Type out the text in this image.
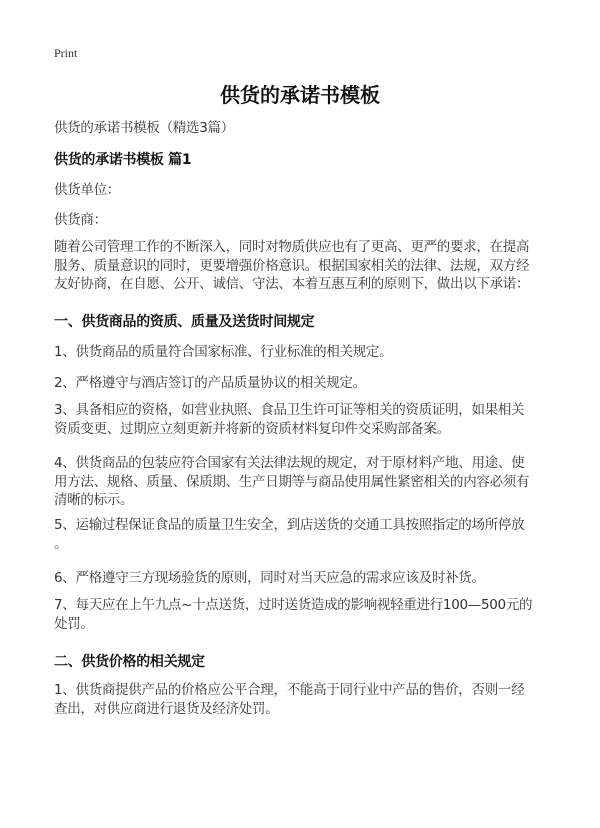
Print
供货的承诺书模板
供货的承诺书模板（精选3篇）
供货的承诺书模板 篇1
供货单位：
供货商：
随着公司管理工作的不断深入，同时对物质供应也有了更高、更严的要求，在提高
服务、质量意识的同时，更要增强价格意识。根据国家相关的法律、法规，双方经
友好协商，在自愿、公开、诚信、守法、本着互惠互利的原则下，做出以下承诺：
一、供货商品的资质、质量及送货时间规定
1、供货商品的质量符合国家标准、行业标准的相关规定。
2、严格遵守与酒店签订的产品质量协议的相关规定。
3、具备相应的资格，如营业执照、食品卫生许可证等相关的资质证明，如果相关
资质变更、过期应立刻更新并将新的资质材料复印件交采购部备案。
4、供货商品的包装应符合国家有关法律法规的规定，对于原材料产地、用途、使
用方法、规格、质量、保质期、生产日期等与商品使用属性紧密相关的内容必须有
清晰的标示。
5、运输过程保证食品的质量卫生安全，到店送货的交通工具按照指定的场所停放
。
6、严格遵守三方现场验货的原则，同时对当天应急的需求应该及时补货。
7、每天应在上午九点~十点送货，过时送货造成的影响视轻重进行100—500元的
处罚。
二、供货价格的相关规定
1、供货商提供产品的价格应公平合理，不能高于同行业中产品的售价，否则一经
查出，对供应商进行退货及经济处罚。
